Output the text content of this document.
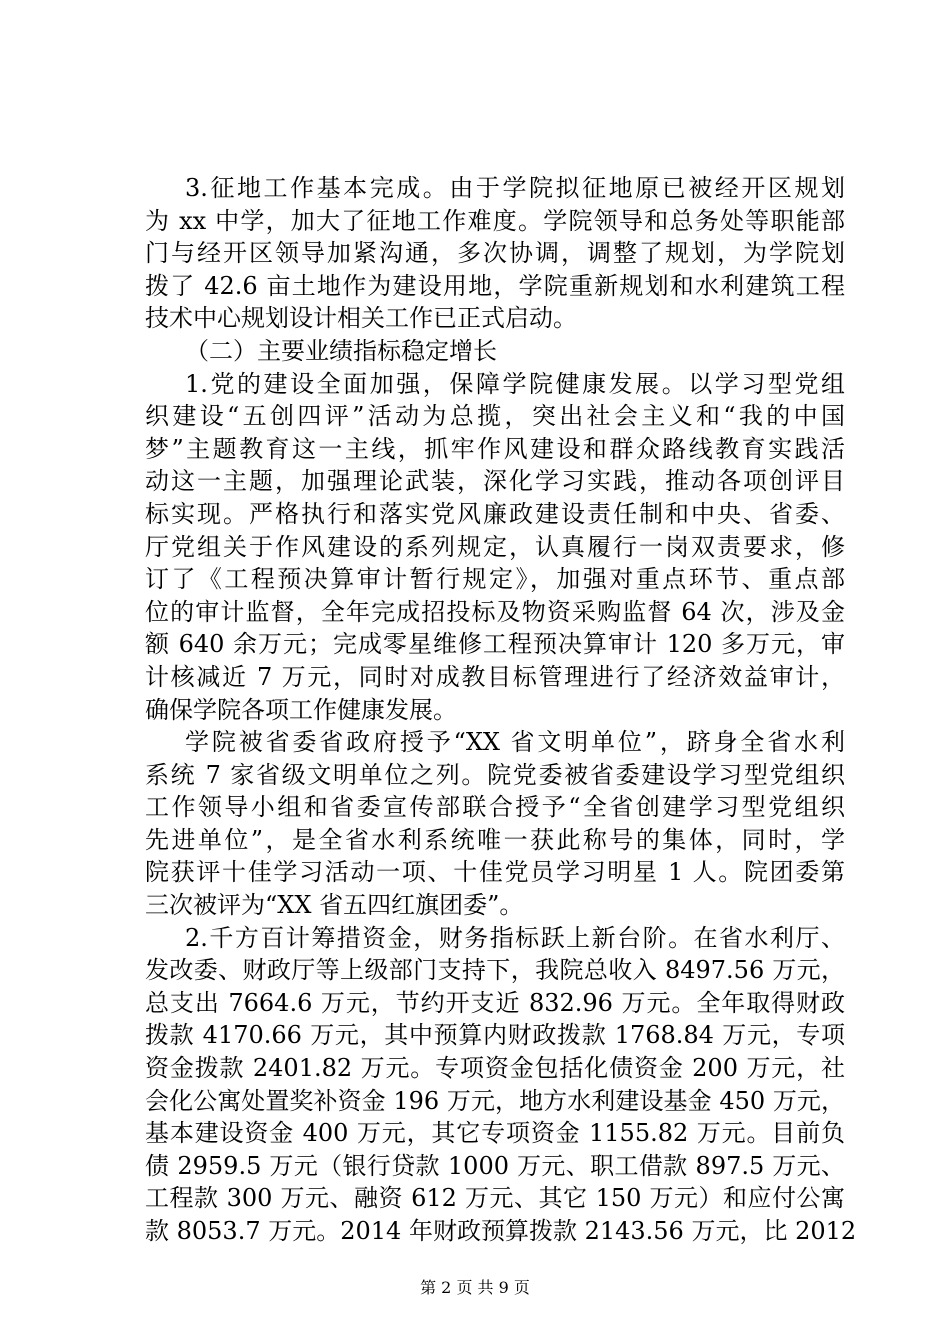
3.征地工作基本完成。由于学院拟征地原已被经开区规划
为 xx 中学，加大了征地工作难度。学院领导和总务处等职能部
门与经开区领导加紧沟通，多次协调，调整了规划，为学院划
拨了 42.6 亩土地作为建设用地，学院重新规划和水利建筑工程
技术中心规划设计相关工作已正式启动。
（二）主要业绩指标稳定增长
1.党的建设全面加强，保障学院健康发展。以学习型党组
织建设“五创四评”活动为总揽，突出社会主义和“我的中国
梦”主题教育这一主线，抓牢作风建设和群众路线教育实践活
动这一主题，加强理论武装，深化学习实践，推动各项创评目
标实现。严格执行和落实党风廉政建设责任制和中央、省委、
厅党组关于作风建设的系列规定，认真履行一岗双责要求，修
订了《工程预决算审计暂行规定》，加强对重点环节、重点部
位的审计监督，全年完成招投标及物资采购监督 64 次，涉及金
额 640 余万元；完成零星维修工程预决算审计 120 多万元，审
计核减近 7 万元，同时对成教目标管理进行了经济效益审计，
确保学院各项工作健康发展。
学院被省委省政府授予“XX 省文明单位”，跻身全省水利
系统 7 家省级文明单位之列。院党委被省委建设学习型党组织
工作领导小组和省委宣传部联合授予“全省创建学习型党组织
先进单位”，是全省水利系统唯一获此称号的集体，同时，学
院获评十佳学习活动一项、十佳党员学习明星 1 人。院团委第
三次被评为“XX 省五四红旗团委”。
2.千方百计筹措资金，财务指标跃上新台阶。在省水利厅、
发改委、财政厅等上级部门支持下，我院总收入 8497.56 万元，
总支出 7664.6 万元，节约开支近 832.96 万元。全年取得财政
拨款 4170.66 万元，其中预算内财政拨款 1768.84 万元，专项
资金拨款 2401.82 万元。专项资金包括化债资金 200 万元，社
会化公寓处置奖补资金 196 万元，地方水利建设基金 450 万元，
基本建设资金 400 万元，其它专项资金 1155.82 万元。目前负
债 2959.5 万元（银行贷款 1000 万元、职工借款 897.5 万元、
工程款 300 万元、融资 612 万元、其它 150 万元）和应付公寓
款 8053.7 万元。2014 年财政预算拨款 2143.56 万元，比 2012
第 2 页 共 9 页
